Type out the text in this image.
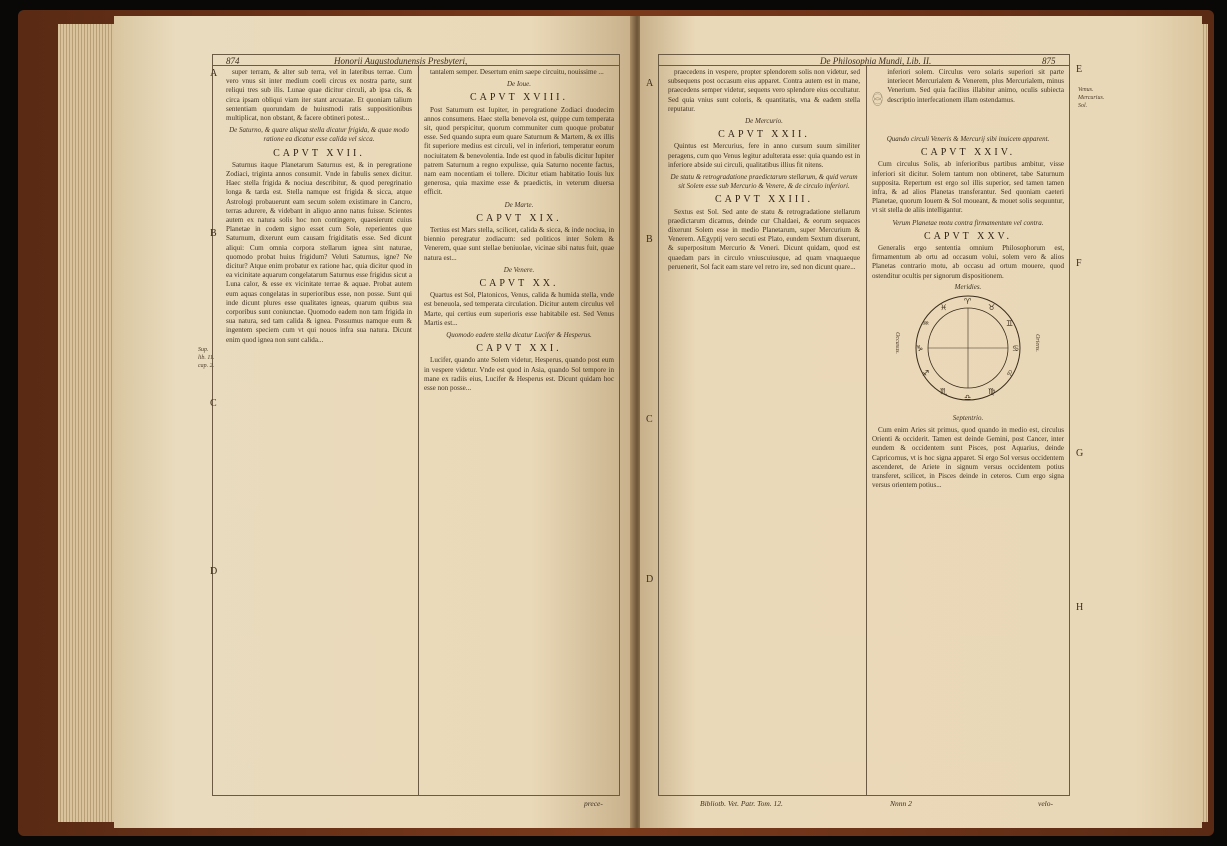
874	Honorii Augustodunensis Presbyteri,
A
B
C
D
Sup. lib. 11. cap. 2.

super terram, & alter sub terra, vel in lateribus terrae. Cum vero vnus sit inter medium coeli circus ex nostra parte, sunt reliqui tres sub ilis. Lunae quae dicitur circuli, ab ipsa cis, & circa ipsam obliqui viam iter stant arcuatae. Et quoniam talium sententiam quorundam de huiusmodi ratis suppositionibus multiplicat, non obstant, & facere obtineri potest...

De Saturno, & quare aliqua stella dicatur frigida, & quae modo ratione ea dicatur esse calida vel sicca.
CAPVT XVII.

Saturnus itaque Planetarum Saturnus est, & in peregratione Zodiaci, triginta annos consumit. Vnde in fabulis senex dicitur. Haec stella frigida & nociua describitur, & quod peregrinatio longa & tarda est. Stella namque est frigida & sicca, atque Astrologi probauerunt eam secum solem existimare in Cancro, terras adurere, & videbant in aliquo anno natus fuisse. Scientes autem ex natura solis hoc non contingere, quaesierunt cuius Planetae in codem signo esset cum Sole, reperientes que Saturnum, dixerunt eum causam frigiditatis esse. Sed dicunt aliqui: Cum omnia corpora stellarum ignea sint naturae, quomodo probat huius frigidum? Veluti Saturnus, igne? Ne dicitur? Atque enim probatur ex ratione hac, quia dicitur quod in ea vicinitate aquarum congelatarum Saturnus esse frigidus sicut a Luna calor, & esse ex vicinitate terrae & aquae. Probat autem eum aquas congelatas in superioribus esse, non posse. Sunt qui inde dicunt plures esse qualitates igneas, quarum quibus sua corporibus sunt coniunctae. Quomodo eadem non tam frigida in sua natura, sed tam calida & ignea. Possumus namque eum & ingentem speciem cum vt qui nouos infra sua natura. Dicunt enim quod ignea non sunt calida...

tantalem semper. Desertum enim saepe circuitu, nouissime ...

De Ioue.
CAPVT XVIII.

Post Saturnum est Iupiter, in peregratione Zodiaci duodecim annos consumens. Haec stella benevola est, quippe cum temperata sit, quod perspicitur, quorum communiter cum quoque probatur esse. Sed quando supra eum quare Saturnum & Martem, & ex illis fit superiore medius est circuli, vel in inferiori, temperatur eorum nociuitatem & benevolentia. Inde est quod in fabulis dicitur Iupiter patrem Saturnum a regno expulisse, quia Saturno nocente factus, nam eam nocentiam ei tollere. Dicitur etiam habitatio Iouis lux generosa, quia maxime esse & praedictis, in veterum diuersa efficit.

De Marte.
CAPVT XIX.

Tertius est Mars stella, scilicet, calida & sicca, & inde nociua, in biennio peregratur zodiacum: sed politicos inter Solem & Venerem, quae sunt stellae beniuolae, vicinae sibi natus fuit, quae natura est...

De Venere.
CAPVT XX.

Quartus est Sol, Platonicos, Venus, calida & humida stella, vnde est beneuola, sed temperata circulation. Dicitur autem circulus vel Marte, qui certius eum superioris esse habitabile est. Sed Venus Martis est...

Quomodo eadem stella dicatur Lucifer & Hesperus.
CAPVT XXI.

Lucifer, quando ante Solem videtur, Hesperus, quando post eum in vespere videtur. Vnde est quod in Asia, quando Sol tempore in mane ex radiis eius, Lucifer & Hesperus est. Dicunt quidam hoc esse non posse...

prece-
De Philosophia Mundi, Lib. II.	875
A
B
C
D
E
F
G
H
Venus. Mercurius. Sol.

praecedens in vespere, propter splendorem solis non videtur, sed subsequens post occasum eius apparet. Contra autem est in mane, praecedens semper videtur, sequens vero splendore eius occultatur. Sed quia vnius sunt coloris, & quantitatis, vna & eadem stella reputatur.

De Mercurio.
CAPVT XXII.

Quintus est Mercurius, fere in anno cursum suum similiter peragens, cum quo Venus legitur adulterata esse: quia quando est in inferiore abside sui circuli, qualitatibus illius fit nitens.

De statu & retrogradatione praedictarum stellarum, & quid verum sit Solem esse sub Mercurio & Venere, & de circulo inferiori.
CAPVT XXIII.

Sextus est Sol. Sed ante de statu & retrogradatione stellarum praedictarum dicamus, deinde cur Chaldaei, & eorum sequaces dixerunt Solem esse in medio Planetarum, super Mercurium & Venerem. AEgyptij vero secuti est Plato, eundem Sextum dixerunt, & superpositum Mercurio & Veneri. Dicunt quidam, quod est quaedam pars in circulo vniuscuiusque, ad quam vnaquaeque peruenerit, Sol facit eam stare vel retro ire, sed non dicunt quare...

inferiori solem. Circulus vero solaris superiori sit parte interiecet Mercurialem & Venerem, plus Mercurialem, minus Venerium. Sed quia facilius illabitur animo, oculis subiecta descriptio interfecationem illam ostendamus.

Quando circuli Veneris & Mercurij sibi inuicem apparent.
CAPVT XXIV.

Cum circulus Solis, ab inferioribus partibus ambitur, visse inferiori sit dicitur. Solem tantum non obtineret, tabe Saturnum supposita. Repertum est ergo sol illis superior, sed tamen tamen infra, & ad alios Planetas transferantur. Sed quoniam caeteri Planetae, quorum Iouem & Sol moueant, & mouet solis sequuntur, vt sit stella de aliis intelligantur.

Verum Planetae motu contra firmamentum vel contra.
CAPVT XXV.

Generalis ergo sententia omnium Philosophorum est, firmamentum ab ortu ad occasum volui, solem vero & alios Planetas contrario motu, ab occasu ad ortum mouere, quod ostenditur ocultis per signorum dispositionem.

Meridies.
♈
♉
♊
♋
♌
♍
♎
♏
♐
♑
♒
♓
Occasus.	Oriens.
Septentrio.

Cum enim Aries sit primus, quod quando in medio est, circulus Orienti & occiderit. Tamen est deinde Gemini, post Cancer, inter eundem & occidentem sunt Pisces, post Aquarius, deinde Capricornus, vt is hoc signa apparet. Si ergo Sol versus occidentem ascenderet, de Ariete in signum versus occidentem potius transferet, scilicet, in Pisces deinde in ceteros. Cum ergo signa versus orientem potius...

Bibliotb. Vet. Patr. Tom. 12.	Nnnn 2	velo-
